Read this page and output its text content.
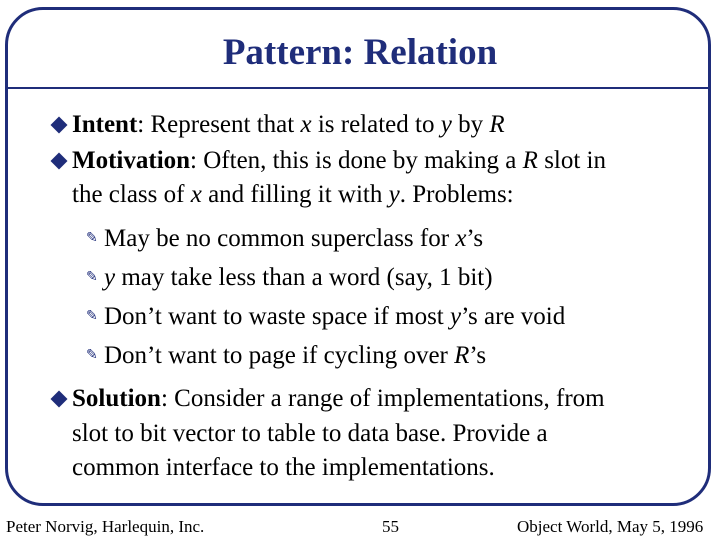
Pattern: Relation
Intent: Represent that x is related to y by R
Motivation: Often, this is done by making a R slot in
the class of x and filling it with y. Problems:
✎ May be no common superclass for x’s
✎ y may take less than a word (say, 1 bit)
✎ Don’t want to waste space if most y’s are void
✎ Don’t want to page if cycling over R’s
Solution: Consider a range of implementations, from
slot to bit vector to table to data base. Provide a
common interface to the implementations.
Peter Norvig, Harlequin, Inc.	55	Object World, May 5, 1996
